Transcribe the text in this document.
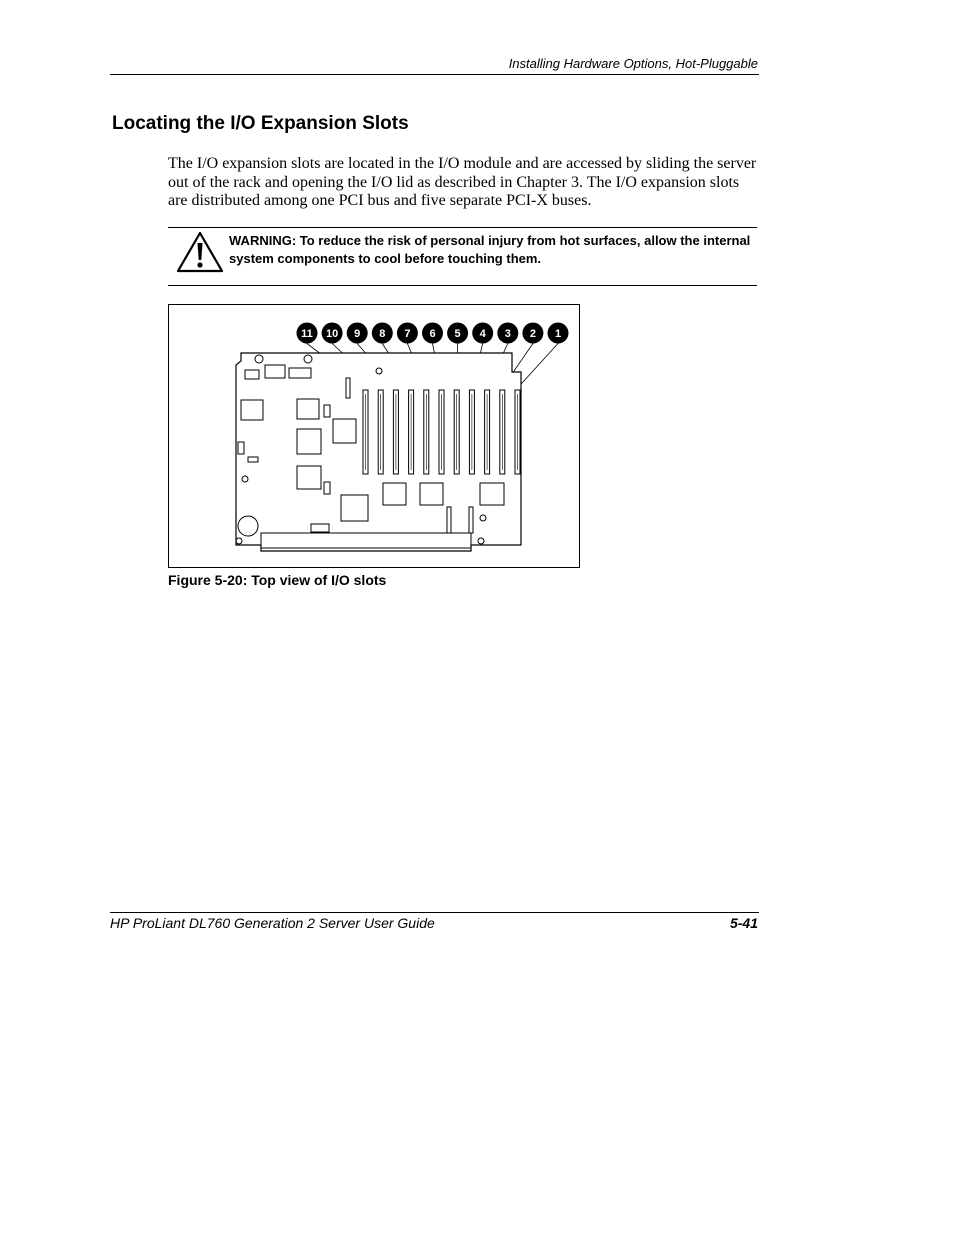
Installing Hardware Options, Hot-Pluggable
Locating the I/O Expansion Slots

The I/O expansion slots are located in the I/O module and are accessed by sliding the server out of the rack and opening the I/O lid as described in Chapter 3. The I/O expansion slots are distributed among one PCI bus and five separate PCI-X buses.

WARNING: To reduce the risk of personal injury from hot surfaces, allow the internal system components to cool before touching them.

11 10 9 8 7 6 5 4 3 2 1

Figure 5-20: Top view of I/O slots

HP ProLiant DL760 Generation 2 Server User Guide	5-41
